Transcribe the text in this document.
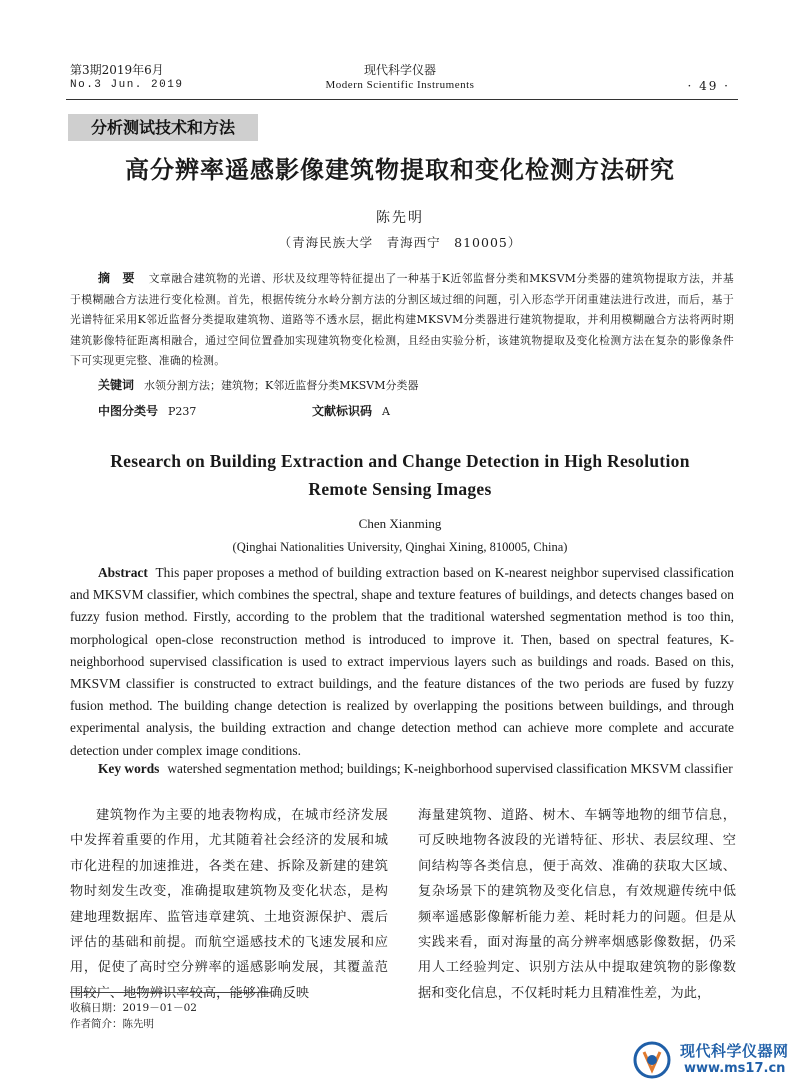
第3期2019年6月
No.3 Jun. 2019
现代科学仪器
Modern Scientific Instruments	· 49 ·
分析测试技术和方法
高分辨率遥感影像建筑物提取和变化检测方法研究
陈先明
（青海民族大学　青海西宁　810005）
摘 要 文章融合建筑物的光谱、形状及纹理等特征提出了一种基于K近邻监督分类和MKSVM分类器的建筑物提取方法，并基于模糊融合方法进行变化检测。首先，根据传统分水岭分割方法的分割区域过细的问题，引入形态学开闭重建法进行改进，而后，基于光谱特征采用K邻近监督分类提取建筑物、道路等不透水层，据此构建MKSVM分类器进行建筑物提取，并利用模糊融合方法将两时期建筑影像特征距离相融合，通过空间位置叠加实现建筑物变化检测，且经由实验分析，该建筑物提取及变化检测方法在复杂的影像条件下可实现更完整、准确的检测。
关键词 水领分割方法；建筑物；K邻近监督分类MKSVM分类器
中图分类号 P237	文献标识码 A
Research on Building Extraction and Change Detection in High Resolution Remote Sensing Images
Chen Xianming
(Qinghai Nationalities University, Qinghai Xining, 810005, China)
Abstract This paper proposes a method of building extraction based on K-nearest neighbor supervised classification and MKSVM classifier, which combines the spectral, shape and texture features of buildings, and detects changes based on fuzzy fusion method. Firstly, according to the problem that the traditional watershed segmentation method is too thin, morphological open-close reconstruction method is introduced to improve it. Then, based on spectral features, K-neighborhood supervised classification is used to extract impervious layers such as buildings and roads. Based on this, MKSVM classifier is constructed to extract buildings, and the feature distances of the two periods are fused by fuzzy fusion method. The building change detection is realized by overlapping the positions between buildings, and through experimental analysis, the building extraction and change detection method can achieve more complete and accurate detection under complex image conditions.
Key words watershed segmentation method; buildings; K-neighborhood supervised classification MKSVM classifier
建筑物作为主要的地表物构成，在城市经济发展中发挥着重要的作用，尤其随着社会经济的发展和城市化进程的加速推进，各类在建、拆除及新建的建筑物时刻发生改变，准确提取建筑物及变化状态，是构建地理数据库、监管违章建筑、土地资源保护、震后评估的基础和前提。而航空遥感技术的飞速发展和应用，促使了高时空分辨率的遥感影响发展，其覆盖范围较广、地物辨识率较高，能够准确反映
海量建筑物、道路、树木、车辆等地物的细节信息，可反映地物各波段的光谱特征、形状、表层纹理、空间结构等各类信息，便于高效、准确的获取大区域、复杂场景下的建筑物及变化信息，有效规避传统中低频率遥感影像解析能力差、耗时耗力的问题。但是从实践来看，面对海量的高分辨率烟感影像数据，仍采用人工经验判定、识别方法从中提取建筑物的影像数据和变化信息，不仅耗时耗力且精准性差，为此，
收稿日期：2019－01－02
作者简介：陈先明
现代科学仪器网
www.ms17.cn
